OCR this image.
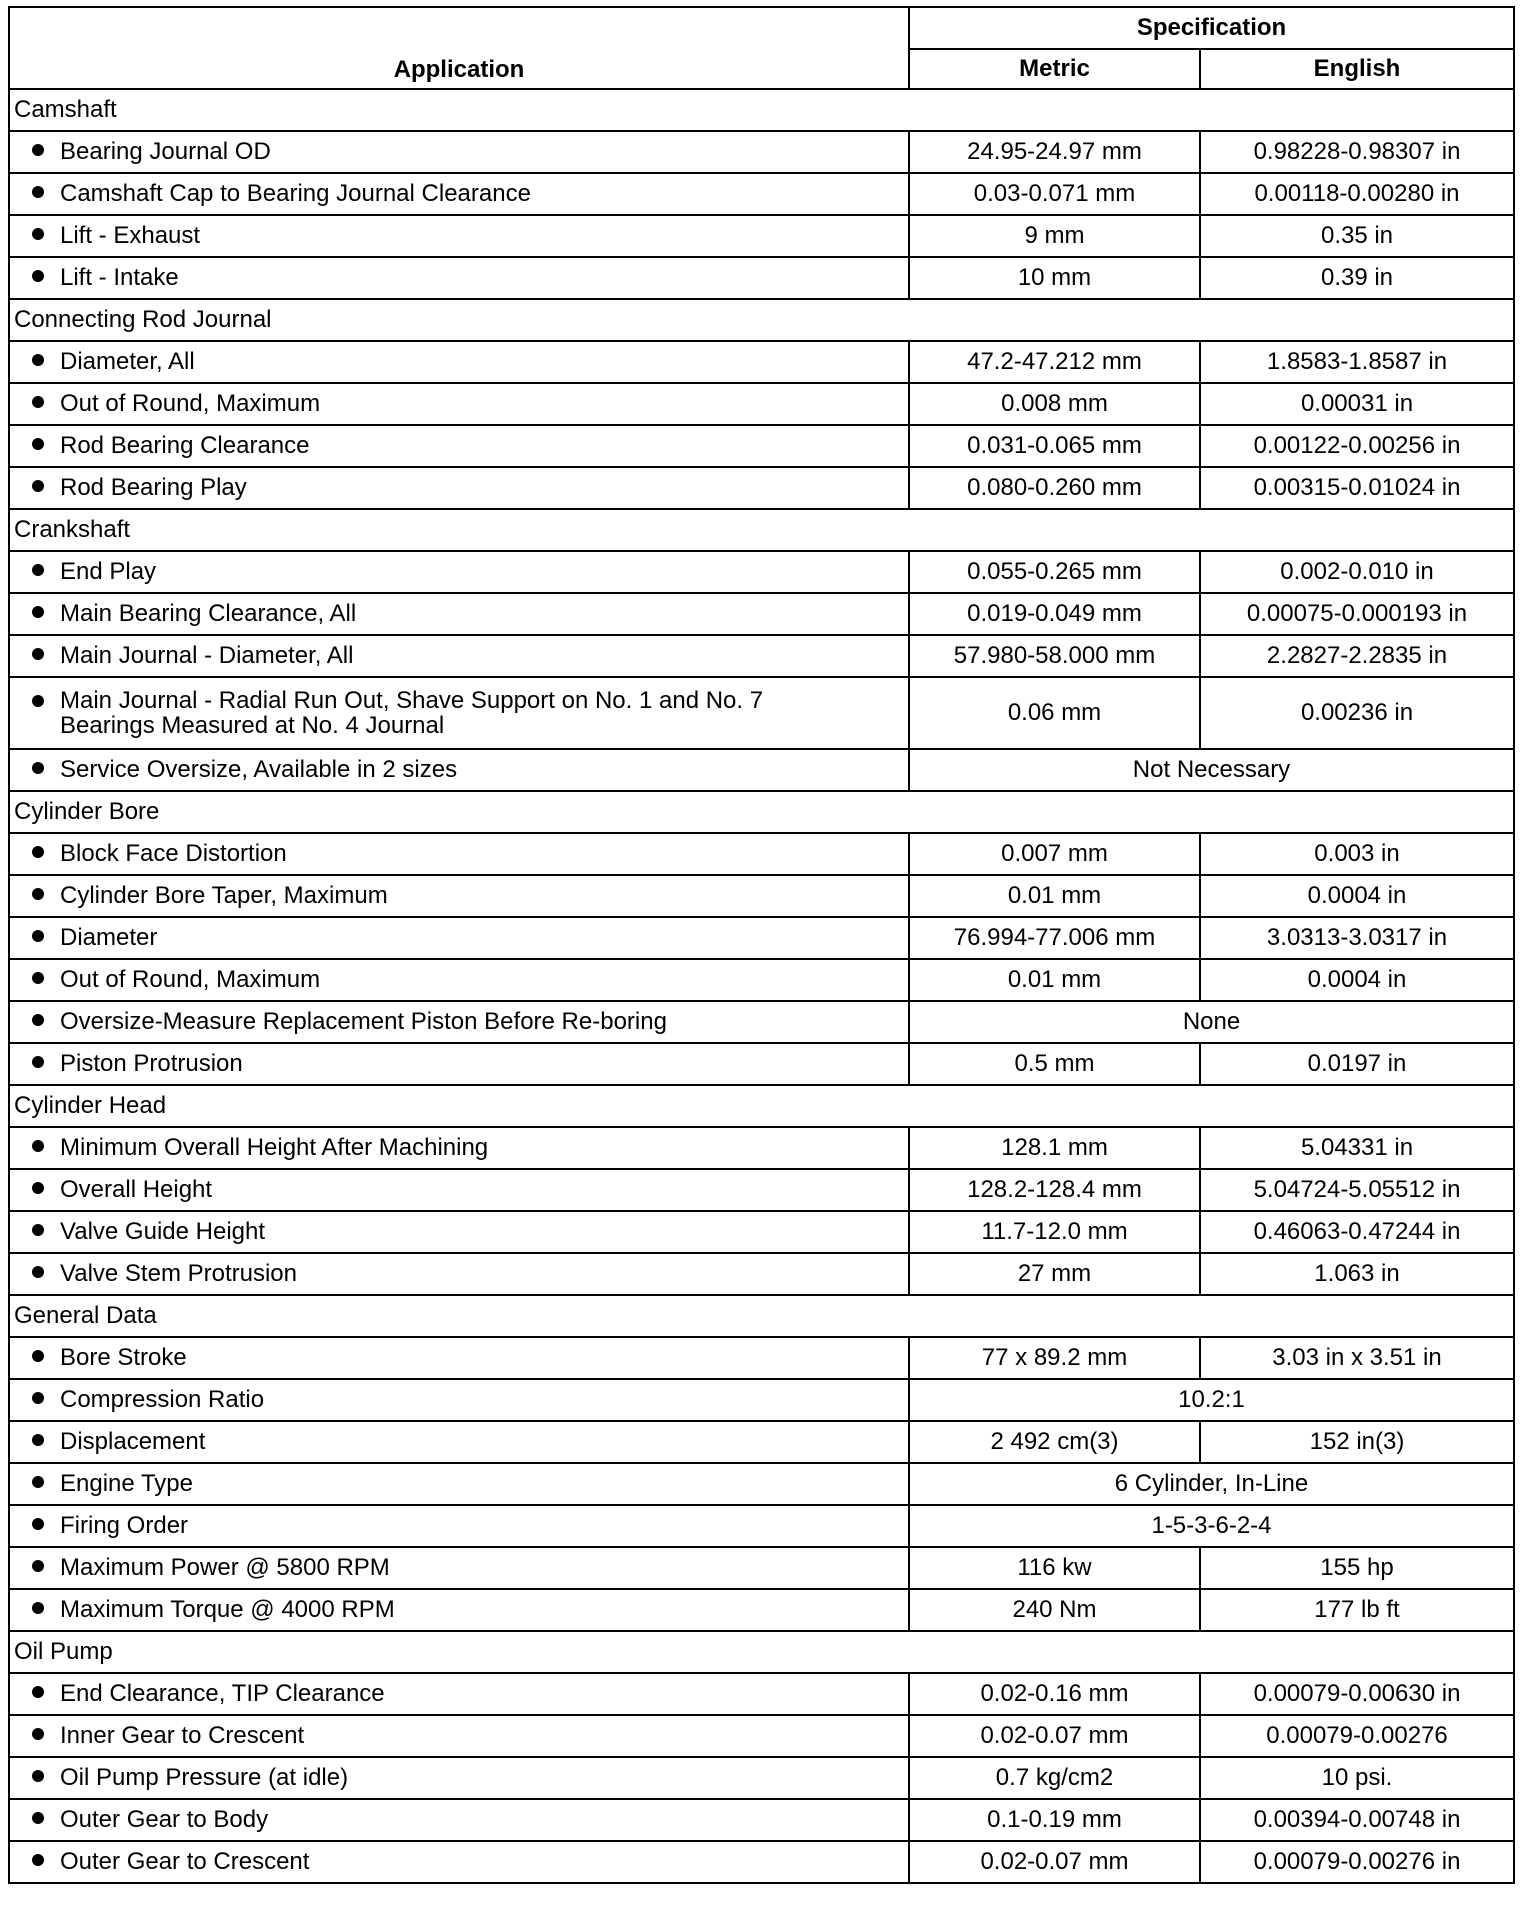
Application	Specification	
	Metric	English
Camshaft		

Bearing Journal OD	24.95-24.97 mm	0.98228-0.98307 in

Camshaft Cap to Bearing Journal Clearance	0.03-0.071 mm	0.00118-0.00280 in

Lift - Exhaust	9 mm	0.35 in

Lift - Intake	10 mm	0.39 in
Connecting Rod Journal		

Diameter, All	47.2-47.212 mm	1.8583-1.8587 in

Out of Round, Maximum	0.008 mm	0.00031 in

Rod Bearing Clearance	0.031-0.065 mm	0.00122-0.00256 in

Rod Bearing Play	0.080-0.260 mm	0.00315-0.01024 in
Crankshaft		

End Play	0.055-0.265 mm	0.002-0.010 in

Main Bearing Clearance, All	0.019-0.049 mm	0.00075-0.000193 in

Main Journal - Diameter, All	57.980-58.000 mm	2.2827-2.2835 in

Main Journal - Radial Run Out, Shave Support on No. 1 and No. 7
Bearings Measured at No. 4 Journal	0.06 mm	0.00236 in

Service Oversize, Available in 2 sizes	Not Necessary	
Cylinder Bore		

Block Face Distortion	0.007 mm	0.003 in

Cylinder Bore Taper, Maximum	0.01 mm	0.0004 in

Diameter	76.994-77.006 mm	3.0313-3.0317 in

Out of Round, Maximum	0.01 mm	0.0004 in

Oversize-Measure Replacement Piston Before Re-boring	None	

Piston Protrusion	0.5 mm	0.0197 in
Cylinder Head		

Minimum Overall Height After Machining	128.1 mm	5.04331 in

Overall Height	128.2-128.4 mm	5.04724-5.05512 in

Valve Guide Height	11.7-12.0 mm	0.46063-0.47244 in

Valve Stem Protrusion	27 mm	1.063 in
General Data		

Bore Stroke	77 x 89.2 mm	3.03 in x 3.51 in

Compression Ratio	10.2:1	

Displacement	2 492 cm(3)	152 in(3)

Engine Type	6 Cylinder, In-Line	

Firing Order	1-5-3-6-2-4	

Maximum Power @ 5800 RPM	116 kw	155 hp

Maximum Torque @ 4000 RPM	240 Nm	177 lb ft
Oil Pump		

End Clearance, TIP Clearance	0.02-0.16 mm	0.00079-0.00630 in

Inner Gear to Crescent	0.02-0.07 mm	0.00079-0.00276

Oil Pump Pressure (at idle)	0.7 kg/cm2	10 psi.

Outer Gear to Body	0.1-0.19 mm	0.00394-0.00748 in

Outer Gear to Crescent	0.02-0.07 mm	0.00079-0.00276 in
